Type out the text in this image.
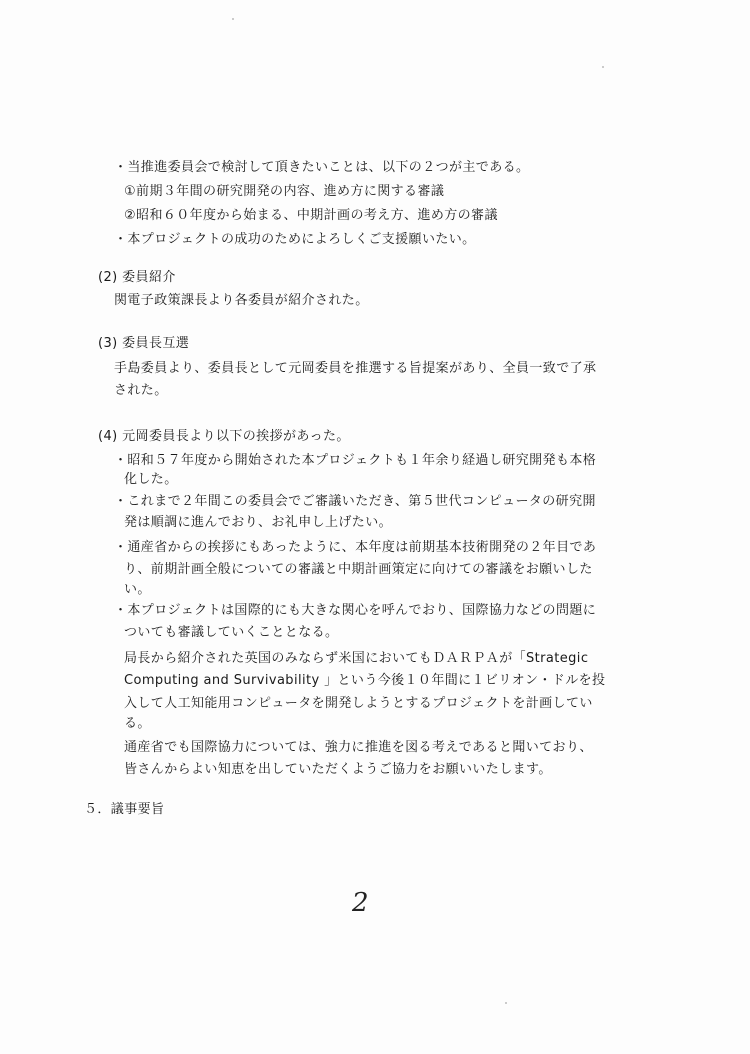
・当推進委員会で検討して頂きたいことは、以下の２つが主である。
①前期３年間の研究開発の内容、進め方に関する審議
②昭和６０年度から始まる、中期計画の考え方、進め方の審議
・本プロジェクトの成功のためによろしくご支援願いたい。
(2) 委員紹介
関電子政策課長より各委員が紹介された。
(3) 委員長互選
手島委員より、委員長として元岡委員を推選する旨提案があり、全員一致で了承
された。
(4) 元岡委員長より以下の挨拶があった。
・昭和５７年度から開始された本プロジェクトも１年余り経過し研究開発も本格
化した。
・これまで２年間この委員会でご審議いただき、第５世代コンピュータの研究開
発は順調に進んでおり、お礼申し上げたい。
・通産省からの挨拶にもあったように、本年度は前期基本技術開発の２年目であ
り、前期計画全般についての審議と中期計画策定に向けての審議をお願いした
い。
・本プロジェクトは国際的にも大きな関心を呼んでおり、国際協力などの問題に
ついても審議していくこととなる。
局長から紹介された英国のみならず米国においてもＤＡＲＰＡが「Strategic
Computing and Survivability 」という今後１０年間に１ビリオン・ドルを投
入して人工知能用コンピュータを開発しようとするプロジェクトを計画してい
る。
通産省でも国際協力については、強力に推進を図る考えであると聞いており、
皆さんからよい知恵を出していただくようご協力をお願いいたします。
５．議事要旨
2
